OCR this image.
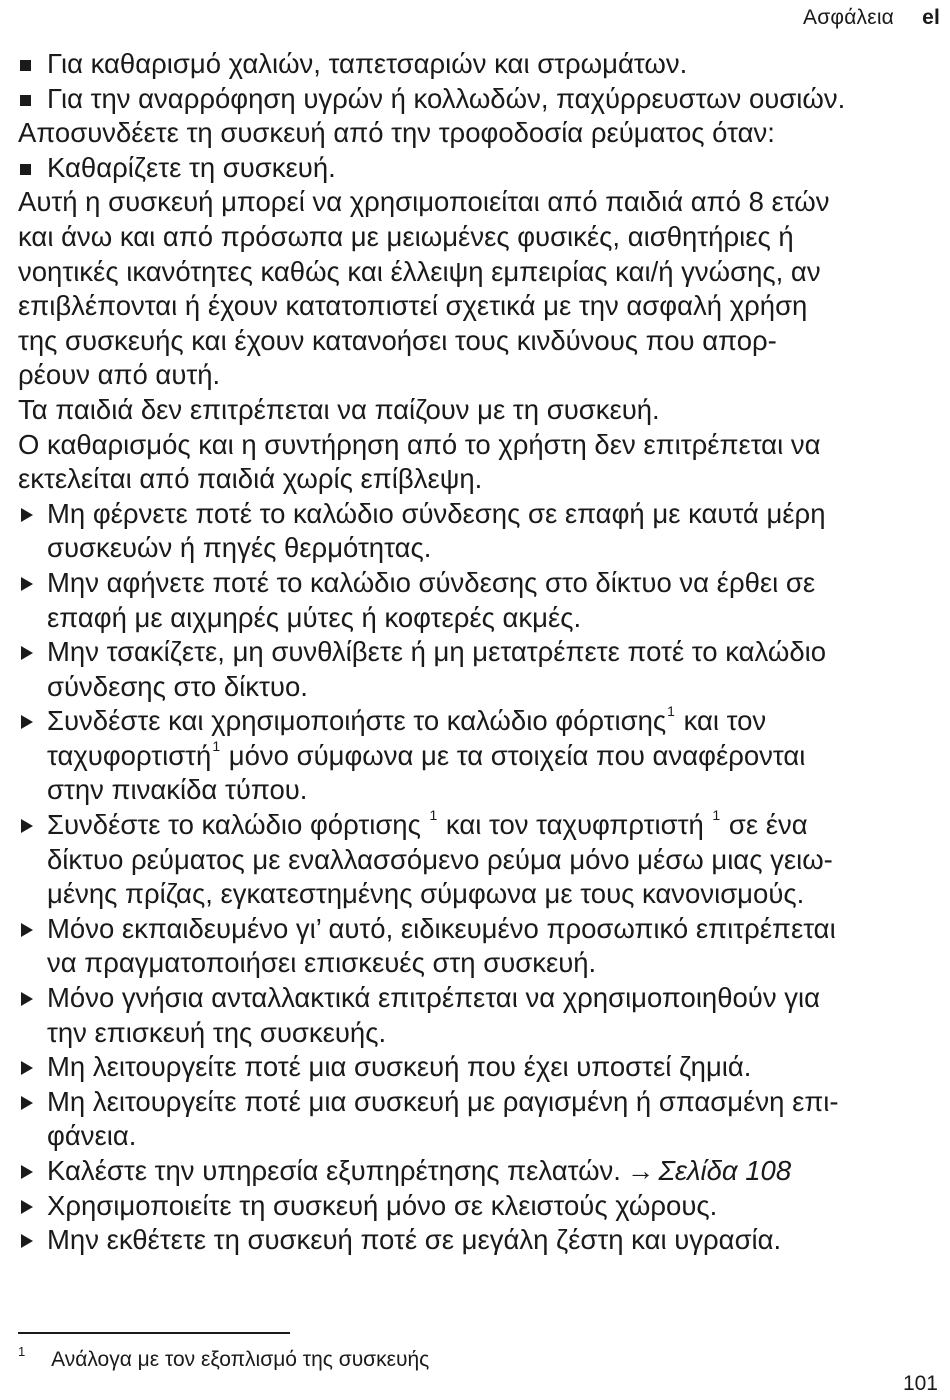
Ασφάλεια el
Για καθαρισμό χαλιών, ταπετσαριών και στρωμάτων.
Για την αναρρόφηση υγρών ή κολλωδών, παχύρρευστων ουσιών.
Αποσυνδέετε τη συσκευή από την τροφοδοσία ρεύματος όταν:
Καθαρίζετε τη συσκευή.
Αυτή η συσκευή μπορεί να χρησιμοποιείται από παιδιά από 8 ετών
και άνω και από πρόσωπα με μειωμένες φυσικές, αισθητήριες ή
νοητικές ικανότητες καθώς και έλλειψη εμπειρίας και/ή γνώσης, αν
επιβλέπονται ή έχουν κατατοπιστεί σχετικά με την ασφαλή χρήση
της συσκευής και έχουν κατανοήσει τους κινδύνους που απορ-
ρέουν από αυτή.
Τα παιδιά δεν επιτρέπεται να παίζουν με τη συσκευή.
Ο καθαρισμός και η συντήρηση από το χρήστη δεν επιτρέπεται να
εκτελείται από παιδιά χωρίς επίβλεψη.
Μη φέρνετε ποτέ το καλώδιο σύνδεσης σε επαφή με καυτά μέρη
συσκευών ή πηγές θερμότητας.
Μην αφήνετε ποτέ το καλώδιο σύνδεσης στο δίκτυο να έρθει σε
επαφή με αιχμηρές μύτες ή κοφτερές ακμές.
Μην τσακίζετε, μη συνθλίβετε ή μη μετατρέπετε ποτέ το καλώδιο
σύνδεσης στο δίκτυο.
Συνδέστε και χρησιμοποιήστε το καλώδιο φόρτισης$^1$ και τον
ταχυφορτιστή$^1$ μόνο σύμφωνα με τα στοιχεία που αναφέρονται
στην πινακίδα τύπου.
Συνδέστε το καλώδιο φόρτισης $^1$ και τον ταχυφπρτιστή $^1$ σε ένα
δίκτυο ρεύματος με εναλλασσόμενο ρεύμα μόνο μέσω μιας γειω-
μένης πρίζας, εγκατεστημένης σύμφωνα με τους κανονισμούς.
Μόνο εκπαιδευμένο γι’ αυτό, ειδικευμένο προσωπικό επιτρέπεται
να πραγματοποιήσει επισκευές στη συσκευή.
Μόνο γνήσια ανταλλακτικά επιτρέπεται να χρησιμοποιηθούν για
την επισκευή της συσκευής.
Μη λειτουργείτε ποτέ μια συσκευή που έχει υποστεί ζημιά.
Μη λειτουργείτε ποτέ μια συσκευή με ραγισμένη ή σπασμένη επι-
φάνεια.
Καλέστε την υπηρεσία εξυπηρέτησης πελατών. → Σελίδα 108
Χρησιμοποιείτε τη συσκευή μόνο σε κλειστούς χώρους.
Μην εκθέτετε τη συσκευή ποτέ σε μεγάλη ζέστη και υγρασία.
$^1$ Ανάλογα με τον εξοπλισμό της συσκευής
101
